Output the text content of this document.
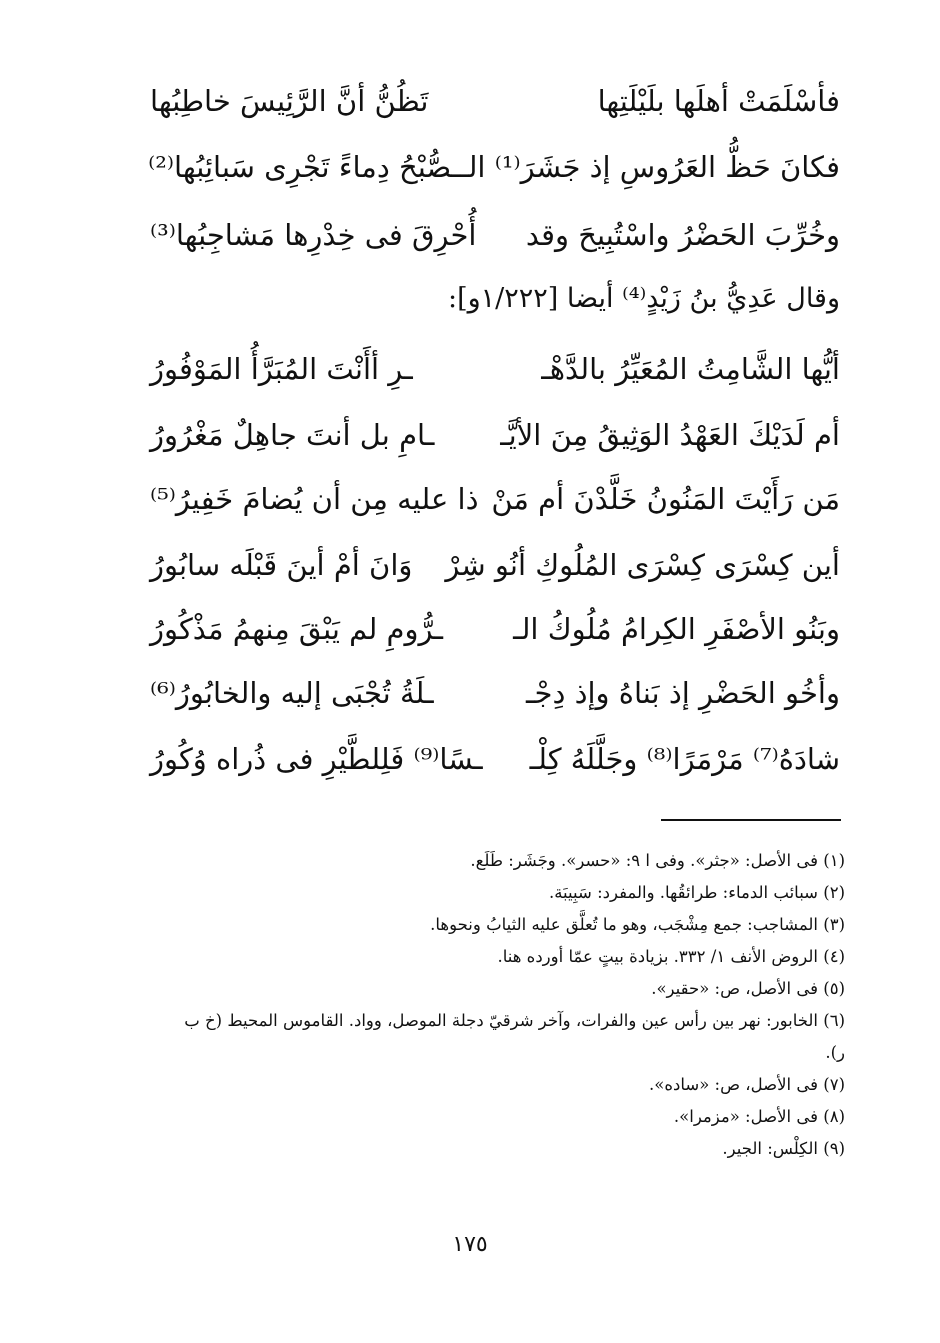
فأسْلَمَتْ أهلَها بلَيْلَتِها
تَظُنُّ أنَّ الرَّئِيسَ خاطِبُها
فكانَ حَظُّ العَرُوسِ إذ جَشَرَ⁽¹⁾ الـ
ـصُّبْحُ دِماءً تَجْرِى سَبائِبُها⁽²⁾
وخُرِّبَ الحَضْرُ واسْتُبِيحَ وقد
أُحْرِقَ فى خِدْرِها مَشاجِبُها⁽³⁾
وقال عَدِيُّ بنُ زَيْدٍ⁽⁴⁾ أيضا [١/٢٢٢و]:
أيُّها الشَّامِتُ المُعَيِّرُ بالدَّهْـ
ـرِ أأَنْتَ المُبَرَّأُ المَوْفُورُ
أم لَدَيْكَ العَهْدُ الوَثِيقُ مِنَ الأيَّـ
ـامِ بل أنتَ جاهِلٌ مَغْرُورُ
مَن رَأَيْتَ المَنُونُ خَلَّدْنَ أم مَنْ
ذا عليه مِن أن يُضامَ خَفِيرُ⁽⁵⁾
أين كِسْرَى كِسْرَى المُلُوكِ أنُو شِرْ
وَانَ أمْ أينَ قَبْلَه سابُورُ
وبَنُو الأصْفَرِ الكِرامُ مُلُوكُ الـ
ـرُّومِ لم يَبْقَ مِنهمُ مَذْكُورُ
وأخُو الحَضْرِ إذ بَناهُ وإذ دِجْـ
ـلَةُ تُجْبَى إليه والخابُورُ⁽⁶⁾
شادَهُ⁽⁷⁾ مَرْمَرًا⁽⁸⁾ وجَلَّلَهُ كِلْـ
ـسًا⁽⁹⁾ فَلِلطَّيْرِ فى ذُراه وُكُورُ
(١) فى الأصل: «جثر». وفى ا ٩: «حسر». وجَشَر: طَلَع.
(٢) سبائب الدماء: طرائقُها. والمفرد: سَبِيبَة.
(٣) المشاجب: جمع مِشْجَب، وهو ما تُعلَّق عليه الثيابُ ونحوها.
(٤) الروض الأنف ١/ ٣٣٢. بزيادة بيتٍ عمّا أورده هنا.
(٥) فى الأصل، ص: «حقير».
(٦) الخابور: نهر بين رأس عين والفرات، وآخر شرقيّ دجلة الموصل، وواد. القاموس المحيط (خ ب
ر).
(٧) فى الأصل، ص: «ساده».
(٨) فى الأصل: «مزمرا».
(٩) الكِلْس: الجير.
١٧٥
